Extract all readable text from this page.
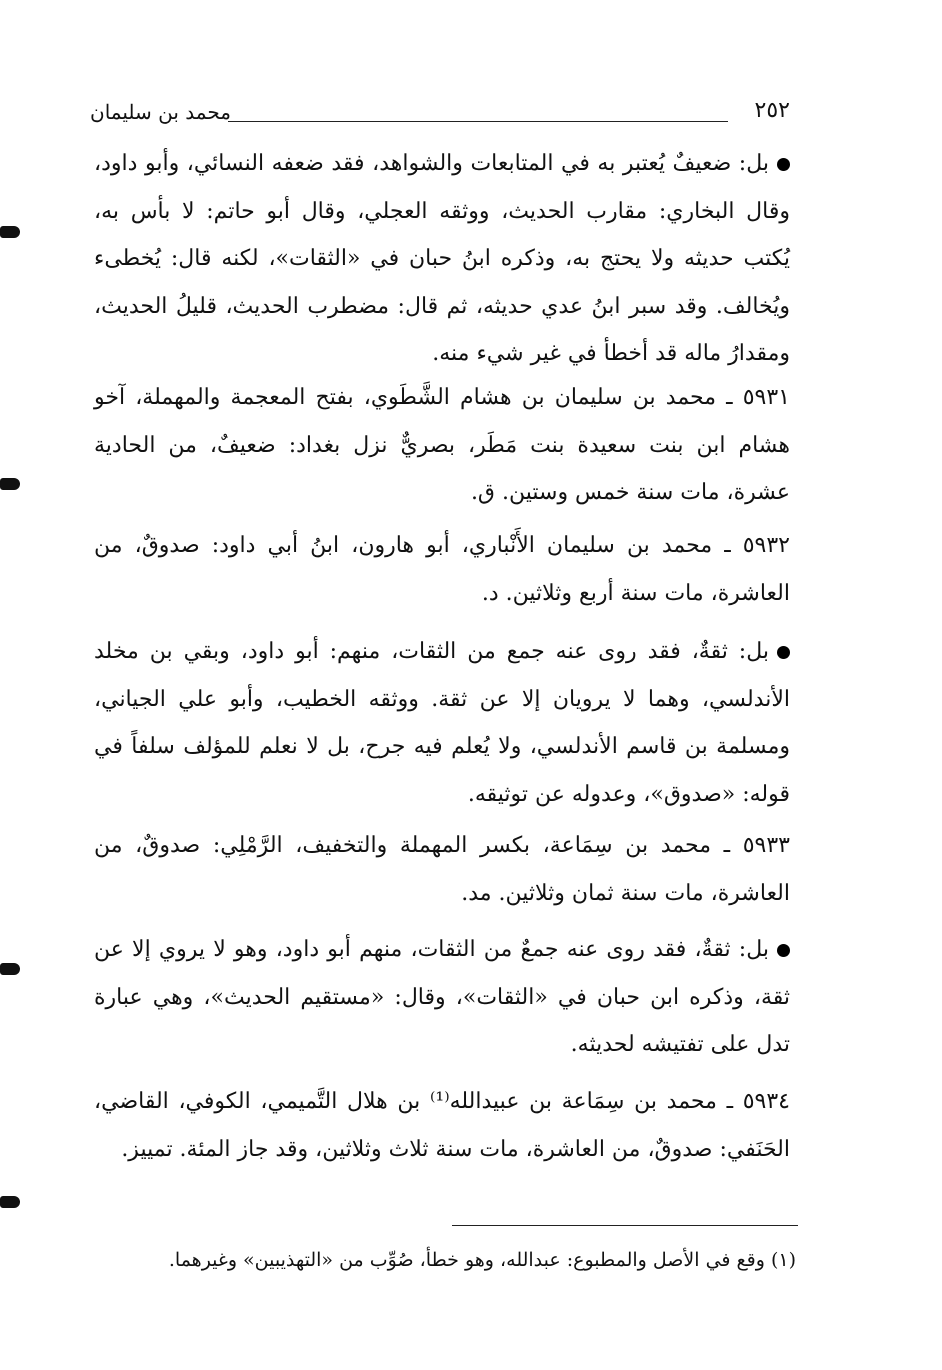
٢٥٢
محمد بن سليمان

بل: ضعيفٌ يُعتبر به في المتابعات والشواهد، فقد ضعفه النسائي، وأبو داود، وقال البخاري: مقارب الحديث، ووثقه العجلي، وقال أبو حاتم: لا بأس به، يُكتب حديثه ولا يحتج به، وذكره ابنُ حبان في «الثقات»، لكنه قال: يُخطىء ويُخالف. وقد سبر ابنُ عدي حديثه، ثم قال: مضطرب الحديث، قليلُ الحديث، ومقدارُ ماله قد أخطأ في غير شيء منه.

٥٩٣١ ـ محمد بن سليمان بن هشام الشَّطَوي، بفتح المعجمة والمهملة، آخو هشام ابن بنت سعيدة بنت مَطَر، بصريٌّ نزل بغداد: ضعيفٌ، من الحادية عشرة، مات سنة خمس وستين. ق.

٥٩٣٢ ـ محمد بن سليمان الأَنْباري، أبو هارون، ابنُ أبي داود: صدوقٌ، من العاشرة، مات سنة أربع وثلاثين. د.

بل: ثقةٌ، فقد روى عنه جمع من الثقات، منهم: أبو داود، وبقي بن مخلد الأندلسي، وهما لا يرويان إلا عن ثقة. ووثقه الخطيب، وأبو علي الجياني، ومسلمة بن قاسم الأندلسي، ولا يُعلم فيه جرح، بل لا نعلم للمؤلف سلفاً في قوله: «صدوق»، وعدوله عن توثيقه.

٥٩٣٣ ـ محمد بن سِمَاعة، بكسر المهملة والتخفيف، الرَّمْلِي: صدوقٌ، من العاشرة، مات سنة ثمان وثلاثين. مد.

بل: ثقةٌ، فقد روى عنه جمعٌ من الثقات، منهم أبو داود، وهو لا يروي إلا عن ثقة، وذكره ابن حبان في «الثقات»، وقال: «مستقيم الحديث»، وهي عبارة تدل على تفتيشه لحديثه.

٥٩٣٤ ـ محمد بن سِمَاعة بن عبيدالله⁽¹⁾ بن هلال التَّميمي، الكوفي، القاضي، الحَنَفي: صدوقٌ، من العاشرة، مات سنة ثلاث وثلاثين، وقد جاز المئة. تمييز.

(١) وقع في الأصل والمطبوع: عبدالله، وهو خطأ، صُوِّب من «التهذيبين» وغيرهما.
